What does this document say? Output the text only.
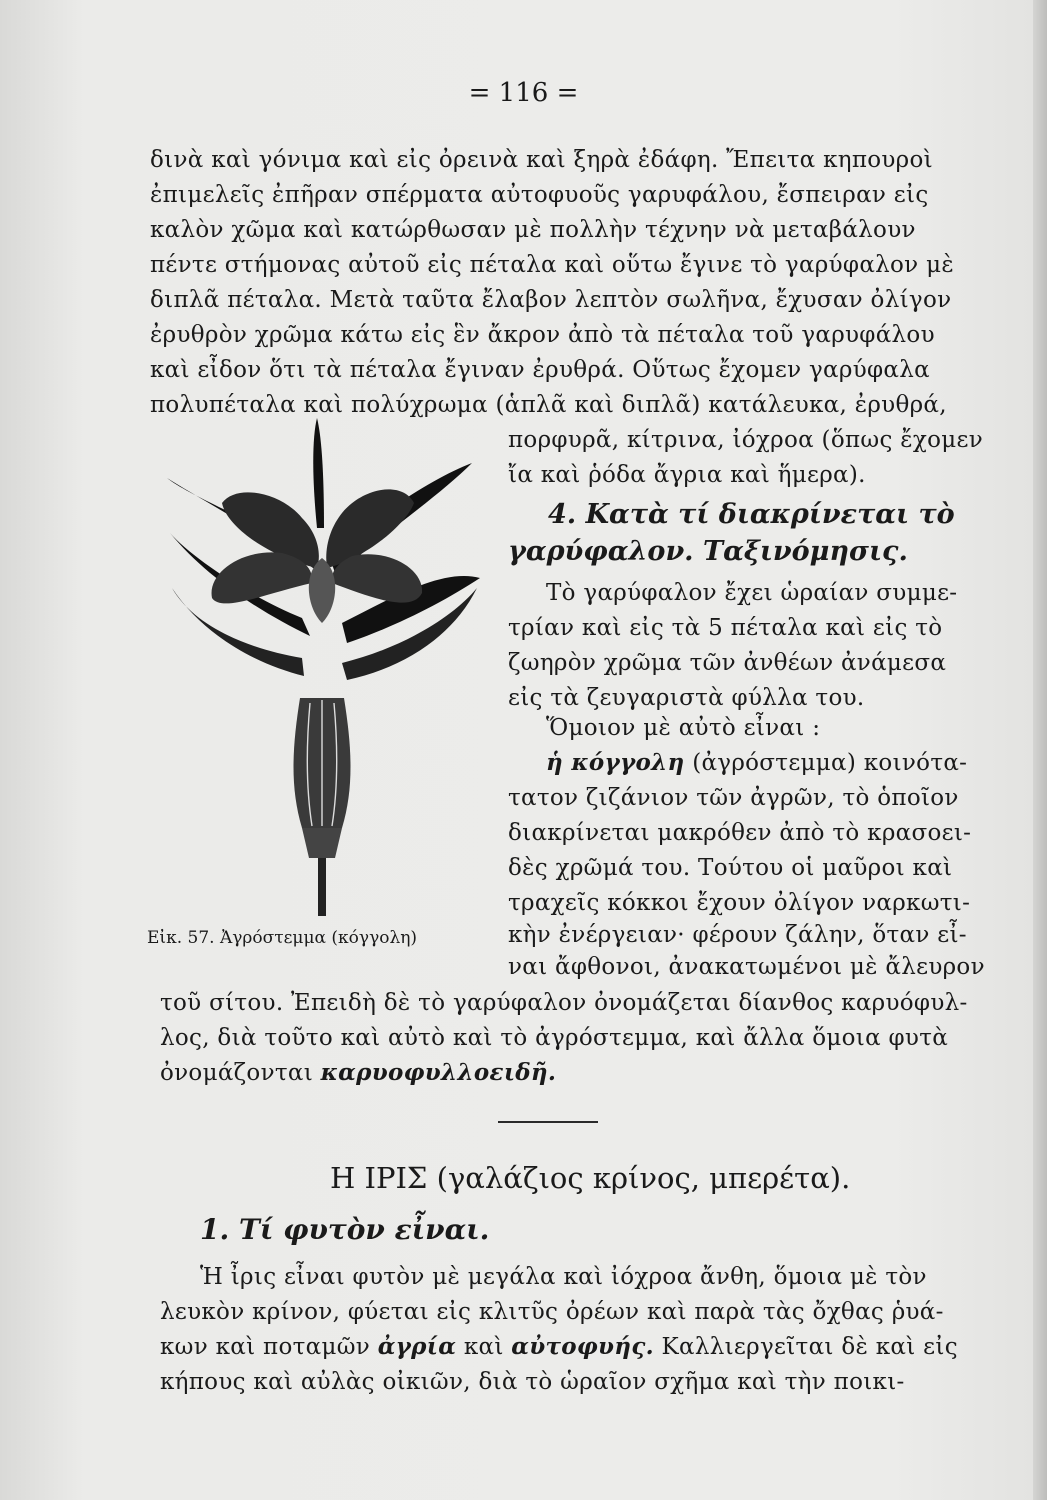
= 116 =
δινὰ καὶ γόνιμα καὶ εἰς ὀρεινὰ καὶ ξηρὰ ἐδάφη. Ἔπειτα κηπουροὶ
ἐπιμελεῖς ἐπῆραν σπέρματα αὐτοφυοῦς γαρυφάλου, ἔσπειραν εἰς
καλὸν χῶμα καὶ κατώρθωσαν μὲ πολλὴν τέχνην νὰ μεταβάλουν
πέντε στήμονας αὐτοῦ εἰς πέταλα καὶ οὕτω ἔγινε τὸ γαρύφαλον μὲ
διπλᾶ πέταλα. Μετὰ ταῦτα ἔλαβον λεπτὸν σωλῆνα, ἔχυσαν ὀλίγον
ἐρυθρὸν χρῶμα κάτω εἰς ἓν ἄκρον ἀπὸ τὰ πέταλα τοῦ γαρυφάλου
καὶ εἶδον ὅτι τὰ πέταλα ἔγιναν ἐρυθρά. Οὕτως ἔχομεν γαρύφαλα
πολυπέταλα καὶ πολύχρωμα (ἁπλᾶ καὶ διπλᾶ) κατάλευκα, ἐρυθρά,
πορφυρᾶ, κίτρινα, ἰόχροα (ὅπως ἔχομεν
ἴα καὶ ῥόδα ἄγρια καὶ ἥμερα).
4. Κατὰ τί διακρίνεται τὸ
γαρύφαλον. Ταξινόμησις.
Τὸ γαρύφαλον ἔχει ὡραίαν συμμε-
τρίαν καὶ εἰς τὰ 5 πέταλα καὶ εἰς τὸ
ζωηρὸν χρῶμα τῶν ἀνθέων ἀνάμεσα
εἰς τὰ ζευγαριστὰ φύλλα του.
Ὅμοιον μὲ αὐτὸ εἶναι :
ἡ κόγγολη (ἀγρόστεμμα) κοινότα-
τατον ζιζάνιον τῶν ἀγρῶν, τὸ ὁποῖον
διακρίνεται μακρόθεν ἀπὸ τὸ κρασοει-
δὲς χρῶμά του. Τούτου οἱ μαῦροι καὶ
τραχεῖς κόκκοι ἔχουν ὀλίγον ναρκωτι-
κὴν ἐνέργειαν· φέρουν ζάλην, ὅταν εἶ-
ναι ἄφθονοι, ἀνακατωμένοι μὲ ἄλευρον
Εἰκ. 57. Ἀγρόστεμμα (κόγγολη)
τοῦ σίτου. Ἐπειδὴ δὲ τὸ γαρύφαλον ὀνομάζεται δίανθος καρυόφυλ-
λος, διὰ τοῦτο καὶ αὐτὸ καὶ τὸ ἀγρόστεμμα, καὶ ἄλλα ὅμοια φυτὰ
ὀνομάζονται καρυοφυλλοειδῆ.
Η ΙΡΙΣ (γαλάζιος κρίνος, μπερέτα).
1. Τί φυτὸν εἶναι.
Ἡ ἶρις εἶναι φυτὸν μὲ μεγάλα καὶ ἰόχροα ἄνθη, ὅμοια μὲ τὸν
λευκὸν κρίνον, φύεται εἰς κλιτῦς ὀρέων καὶ παρὰ τὰς ὄχθας ῥυά-
κων καὶ ποταμῶν ἀγρία καὶ αὐτοφυής. Καλλιεργεῖται δὲ καὶ εἰς
κήπους καὶ αὐλὰς οἰκιῶν, διὰ τὸ ὡραῖον σχῆμα καὶ τὴν ποικι-
